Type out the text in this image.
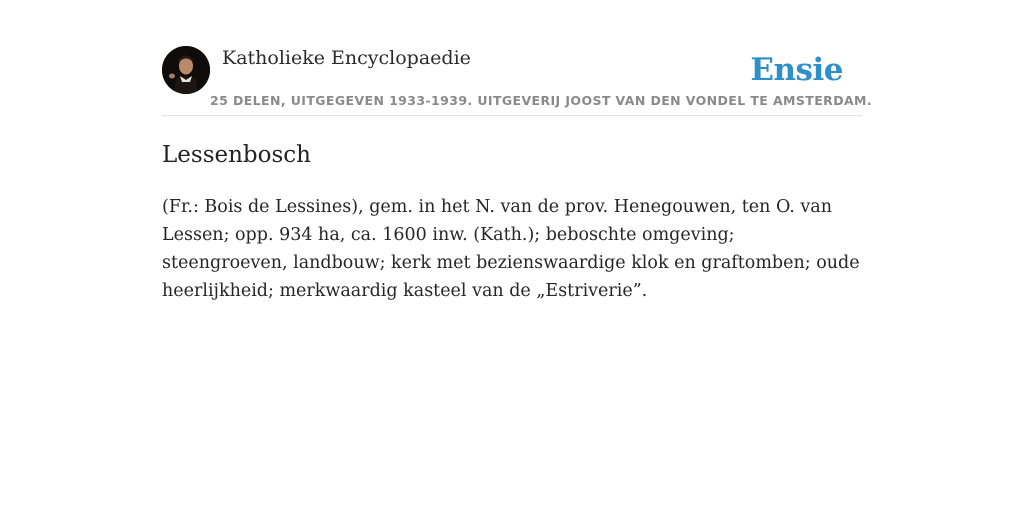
Katholieke Encyclopaedie
25 DELEN, UITGEGEVEN 1933-1939. UITGEVERIJ JOOST VAN DEN VONDEL TE AMSTERDAM.
Ensie
Lessenbosch

(Fr.: Bois de Lessines), gem. in het N. van de prov. Henegouwen, ten O. van Lessen; opp. 934 ha, ca. 1600 inw. (Kath.); beboschte omgeving; steengroeven, landbouw; kerk met bezienswaardige klok en graftomben; oude heerlijkheid; merkwaardig kasteel van de „Estriverie”.
